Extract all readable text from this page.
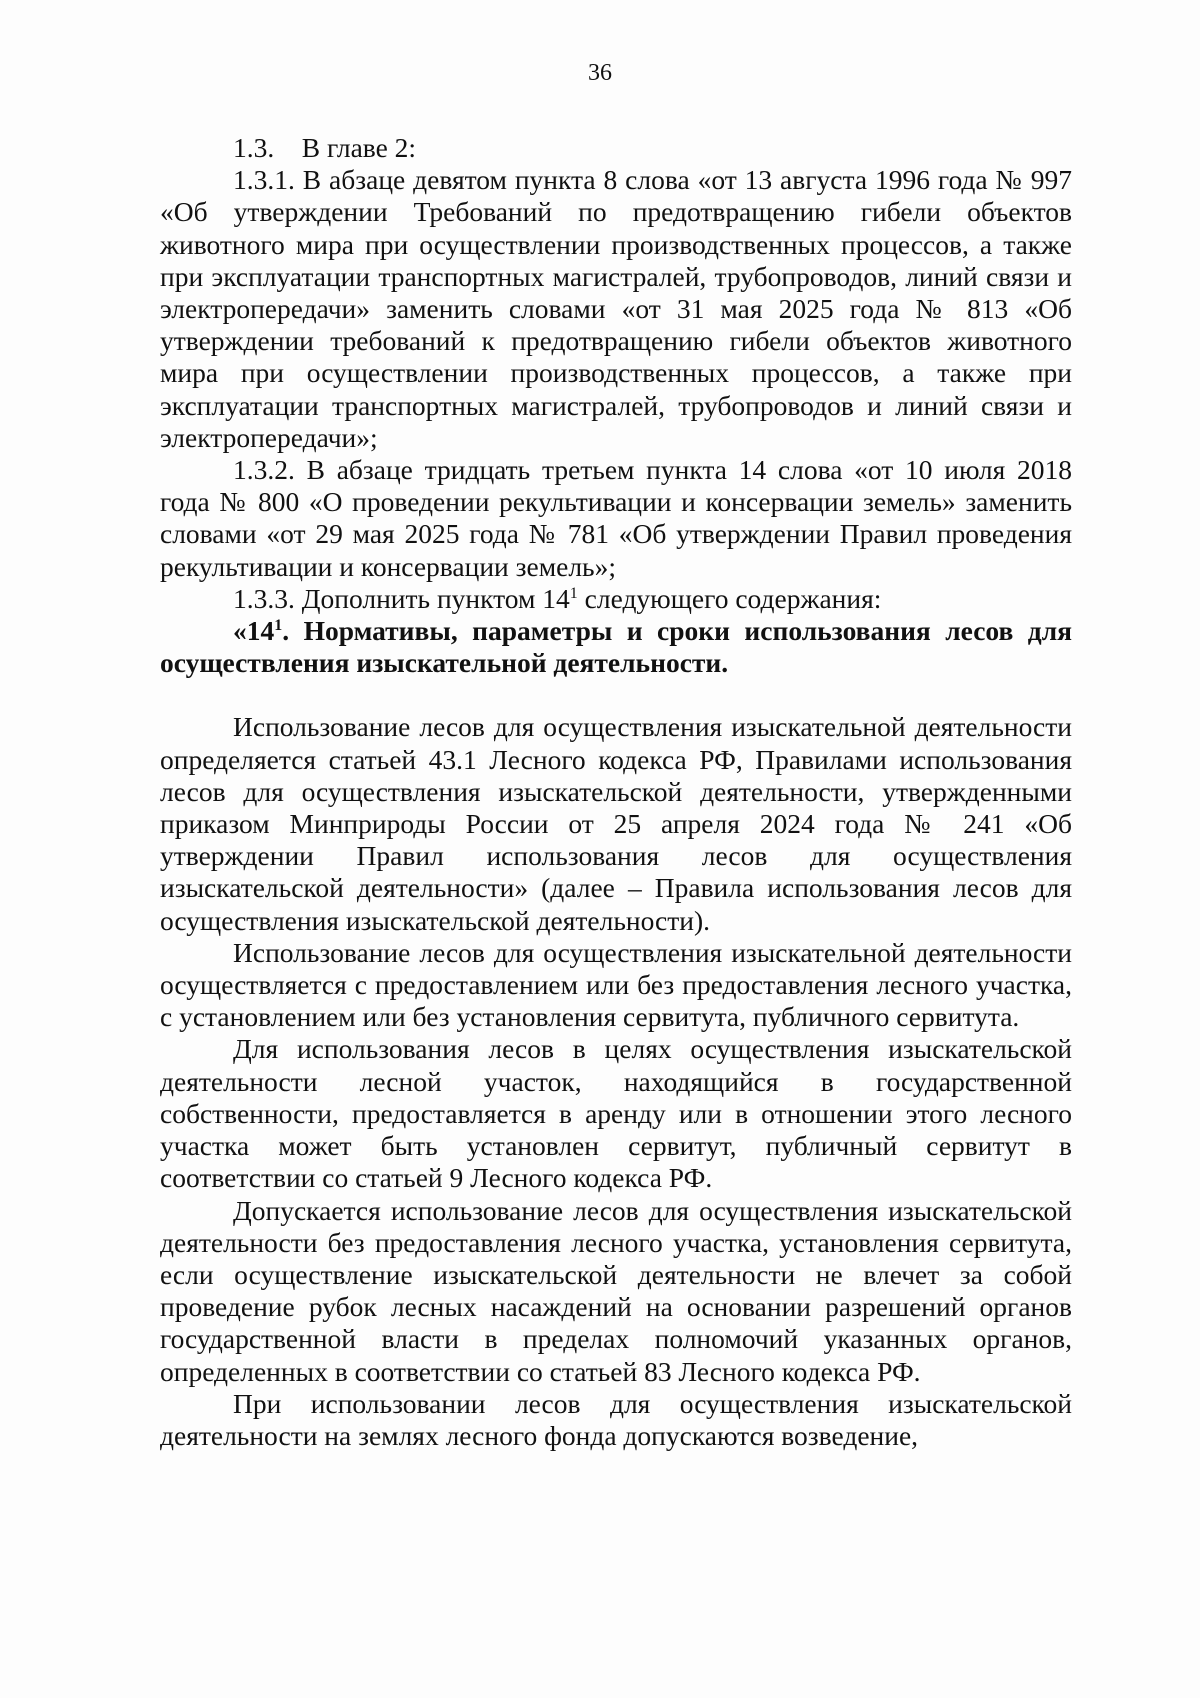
36

1.3.    В главе 2:

1.3.1. В абзаце девятом пункта 8 слова «от 13 августа 1996 года № 997 «Об утверждении Требований по предотвращению гибели объектов животного мира при осуществлении производственных процессов, а также при эксплуатации транспортных магистралей, трубопроводов, линий связи и электропередачи» заменить словами «от 31 мая 2025 года № 813 «Об утверждении требований к предотвращению гибели объектов животного мира при осуществлении производственных процессов, а также при эксплуатации транспортных магистралей, трубопроводов и линий связи и электропередачи»;

1.3.2. В абзаце тридцать третьем пункта 14 слова «от 10 июля 2018 года № 800 «О проведении рекультивации и консервации земель» заменить словами «от 29 мая 2025 года № 781 «Об утверждении Правил проведения рекультивации и консервации земель»;

1.3.3. Дополнить пунктом $14^1$ следующего содержания:

«$14^1$. Нормативы, параметры и сроки использования лесов для осуществления изыскательной деятельности.

Использование лесов для осуществления изыскательной деятельности определяется статьей 43.1 Лесного кодекса РФ, Правилами использования лесов для осуществления изыскательской деятельности, утвержденными приказом Минприроды России от 25 апреля 2024 года № 241 «Об утверждении Правил использования лесов для осуществления изыскательской деятельности» (далее – Правила использования лесов для осуществления изыскательской деятельности).

Использование лесов для осуществления изыскательной деятельности осуществляется с предоставлением или без предоставления лесного участка, с установлением или без установления сервитута, публичного сервитута.

Для использования лесов в целях осуществления изыскательской деятельности лесной участок, находящийся в государственной собственности, предоставляется в аренду или в отношении этого лесного участка может быть установлен сервитут, публичный сервитут в соответствии со статьей 9 Лесного кодекса РФ.

Допускается использование лесов для осуществления изыскательской деятельности без предоставления лесного участка, установления сервитута, если осуществление изыскательской деятельности не влечет за собой проведение рубок лесных насаждений на основании разрешений органов государственной власти в пределах полномочий указанных органов, определенных в соответствии со статьей 83 Лесного кодекса РФ.

При использовании лесов для осуществления изыскательской деятельности на землях лесного фонда допускаются возведение,
